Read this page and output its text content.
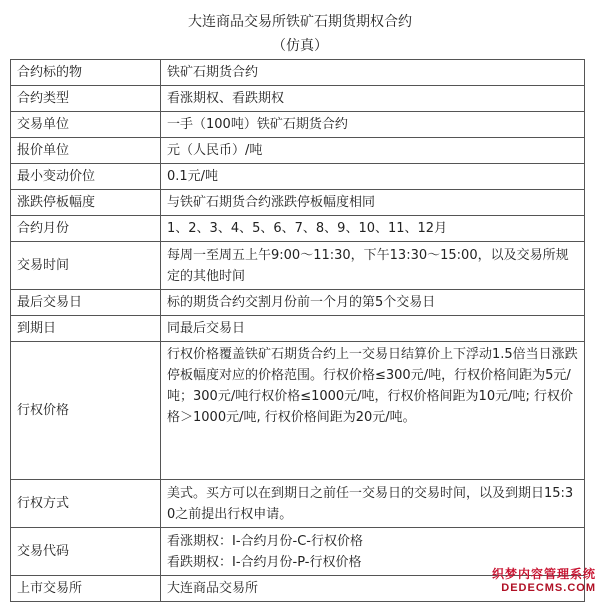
大连商品交易所铁矿石期货期权合约
（仿真）
合约标的物	铁矿石期货合约
合约类型	看涨期权、看跌期权
交易单位	一手（100吨）铁矿石期货合约
报价单位	元（人民币）/吨
最小变动价位	0.1元/吨
涨跌停板幅度	与铁矿石期货合约涨跌停板幅度相同
合约月份	1、2、3、4、5、6、7、8、9、10、11、12月
交易时间	每周一至周五上午9:00～11:30，下午13:30～15:00，以及交易所规定的其他时间
最后交易日	标的期货合约交割月份前一个月的第5个交易日
到期日	同最后交易日
行权价格	行权价格覆盖铁矿石期货合约上一交易日结算价上下浮动1.5倍当日涨跌停板幅度对应的价格范围。行权价格≤300元/吨，行权价格间距为5元/吨；300元/吨行权价格≤1000元/吨，行权价格间距为10元/吨; 行权价格＞1000元/吨, 行权价格间距为20元/吨。
行权方式	美式。买方可以在到期日之前任一交易日的交易时间，以及到期日15:30之前提出行权申请。
交易代码	看涨期权：I-合约月份-C-行权价格
看跌期权：I-合约月份-P-行权价格

上市交易所	大连商品交易所
织梦内容管理系统
DEDECMS.COM
